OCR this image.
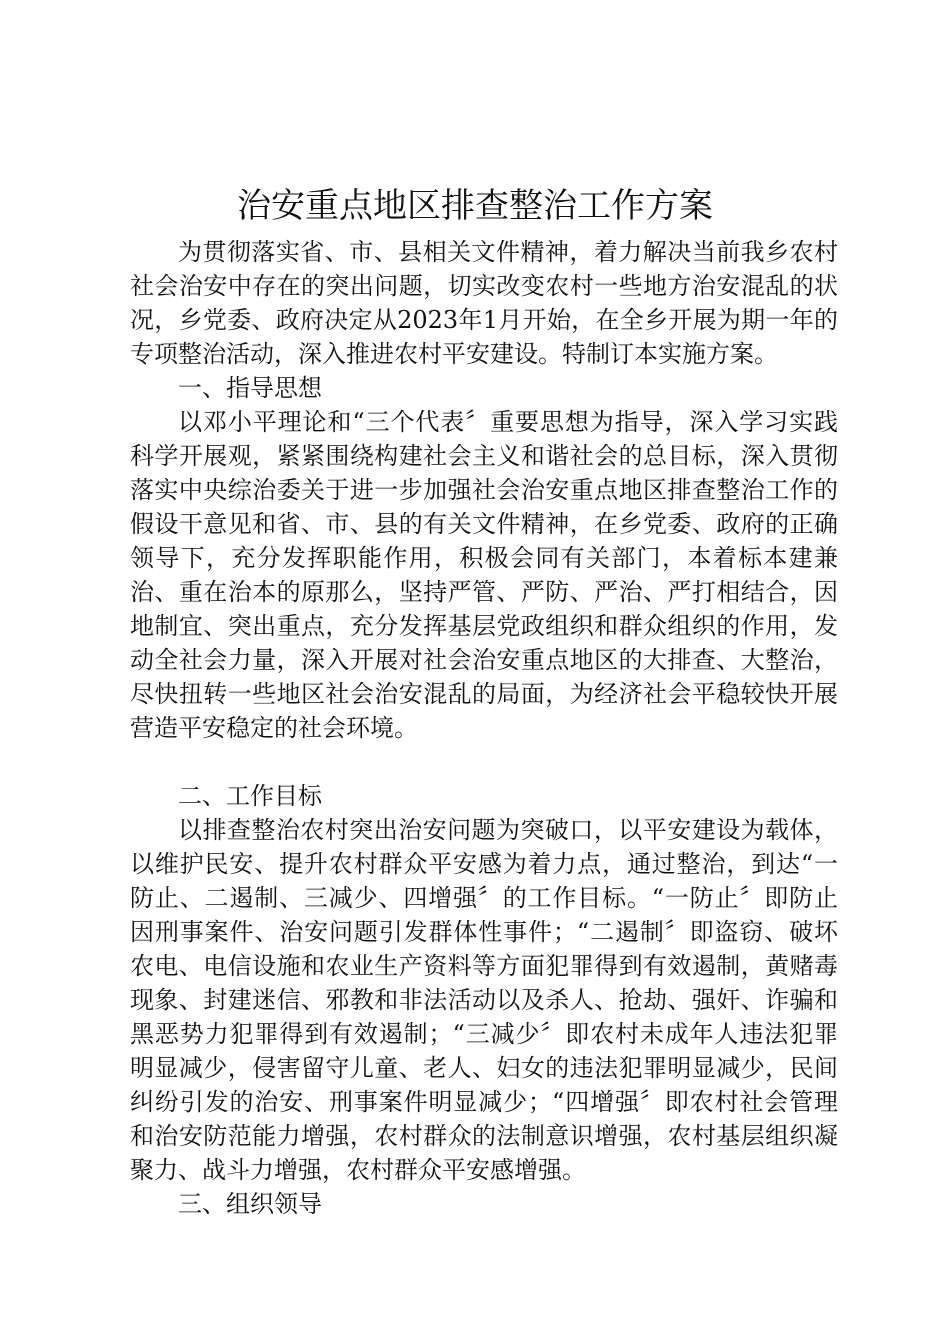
治安重点地区排查整治工作方案

为贯彻落实省、市、县相关文件精神，着力解决当前我乡农村社会治安中存在的突出问题，切实改变农村一些地方治安混乱的状况，乡党委、政府决定从2023年1月开始，在全乡开展为期一年的专项整治活动，深入推进农村平安建设。特制订本实施方案。

一、指导思想

以邓小平理论和“三个代表〞重要思想为指导，深入学习实践科学开展观，紧紧围绕构建社会主义和谐社会的总目标，深入贯彻落实中央综治委关于进一步加强社会治安重点地区排查整治工作的假设干意见和省、市、县的有关文件精神，在乡党委、政府的正确领导下，充分发挥职能作用，积极会同有关部门，本着标本建兼治、重在治本的原那么，坚持严管、严防、严治、严打相结合，因地制宜、突出重点，充分发挥基层党政组织和群众组织的作用，发动全社会力量，深入开展对社会治安重点地区的大排查、大整治，尽快扭转一些地区社会治安混乱的局面，为经济社会平稳较快开展营造平安稳定的社会环境。

二、工作目标

以排查整治农村突出治安问题为突破口，以平安建设为载体，以维护民安、提升农村群众平安感为着力点，通过整治，到达“一防止、二遏制、三减少、四增强〞的工作目标。“一防止〞即防止因刑事案件、治安问题引发群体性事件；“二遏制〞即盗窃、破坏农电、电信设施和农业生产资料等方面犯罪得到有效遏制，黄赌毒现象、封建迷信、邪教和非法活动以及杀人、抢劫、强奸、诈骗和黑恶势力犯罪得到有效遏制；“三减少〞即农村未成年人违法犯罪明显减少，侵害留守儿童、老人、妇女的违法犯罪明显减少，民间纠纷引发的治安、刑事案件明显减少；“四增强〞即农村社会管理和治安防范能力增强，农村群众的法制意识增强，农村基层组织凝聚力、战斗力增强，农村群众平安感增强。

三、组织领导
